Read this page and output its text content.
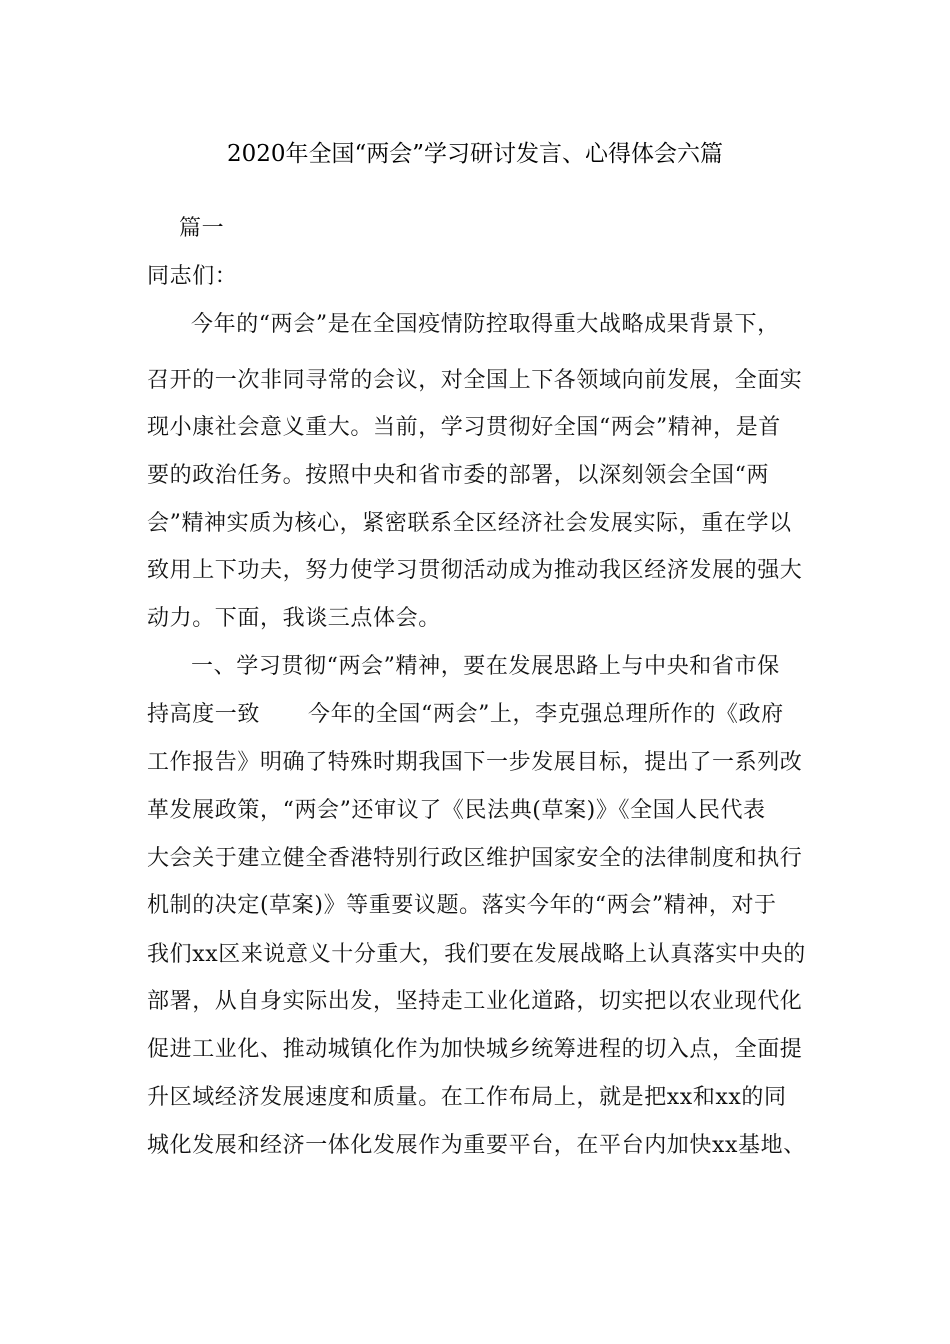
2020年全国“两会”学习研讨发言、心得体会六篇
篇一
同志们：
今年的“两会”是在全国疫情防控取得重大战略成果背景下，
召开的一次非同寻常的会议，对全国上下各领域向前发展，全面实
现小康社会意义重大。当前，学习贯彻好全国“两会”精神，是首
要的政治任务。按照中央和省市委的部署，以深刻领会全国“两
会”精神实质为核心，紧密联系全区经济社会发展实际，重在学以
致用上下功夫，努力使学习贯彻活动成为推动我区经济发展的强大
动力。下面，我谈三点体会。
一、学习贯彻“两会”精神，要在发展思路上与中央和省市保
持高度一致 今年的全国“两会”上，李克强总理所作的《政府
工作报告》明确了特殊时期我国下一步发展目标，提出了一系列改
革发展政策，“两会”还审议了《民法典(草案)》《全国人民代表
大会关于建立健全香港特别行政区维护国家安全的法律制度和执行
机制的决定(草案)》等重要议题。落实今年的“两会”精神，对于
我们xx区来说意义十分重大，我们要在发展战略上认真落实中央的
部署，从自身实际出发，坚持走工业化道路，切实把以农业现代化
促进工业化、推动城镇化作为加快城乡统筹进程的切入点，全面提
升区域经济发展速度和质量。在工作布局上，就是把xx和xx的同
城化发展和经济一体化发展作为重要平台，在平台内加快xx基地、
